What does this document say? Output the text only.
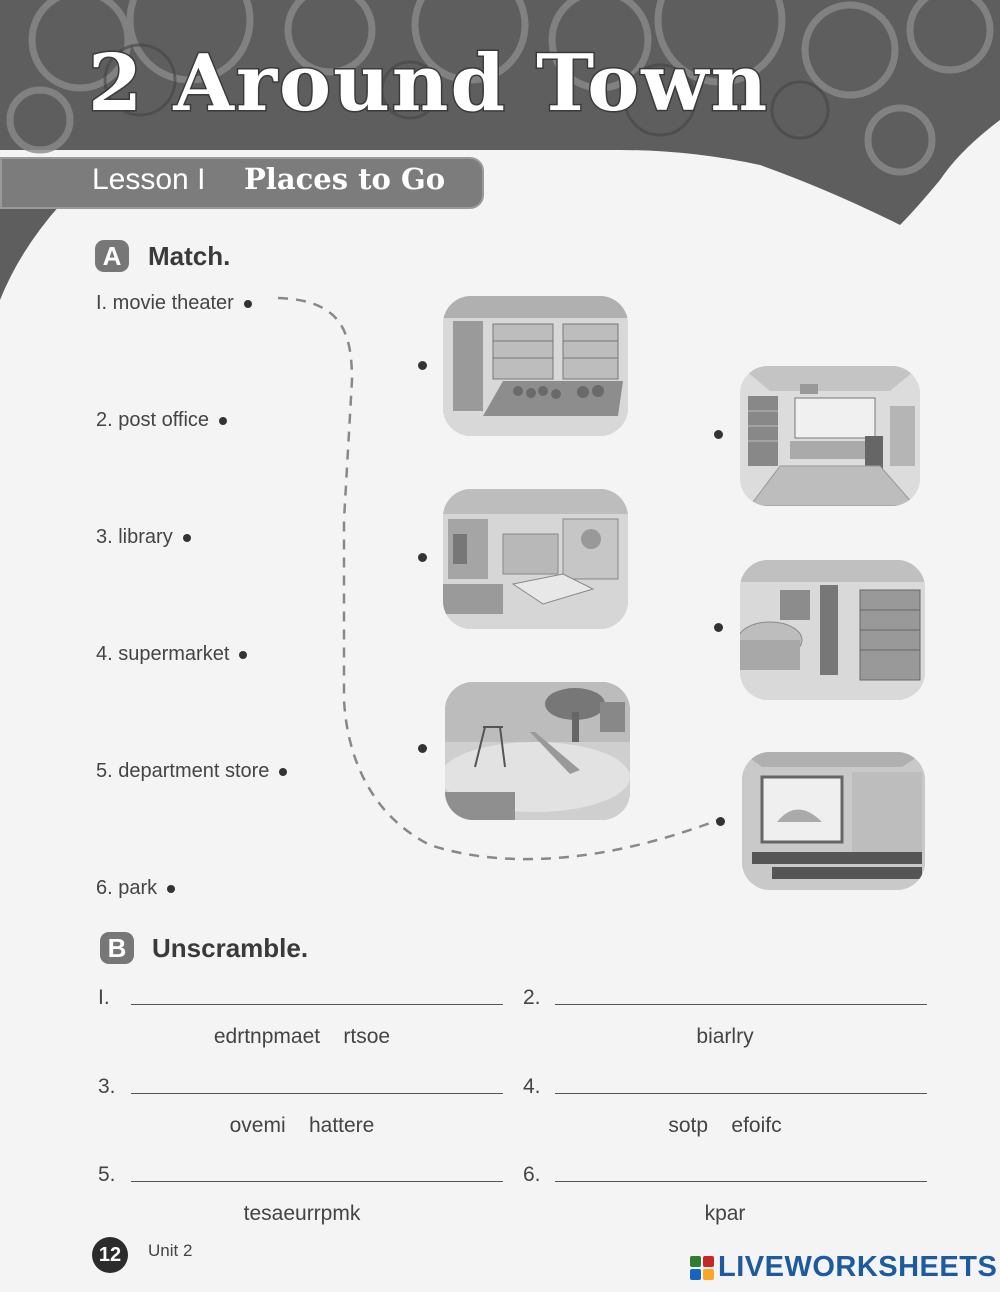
2 Around Town
Lesson I Places to Go
A Match.
I. movie theater
2. post office
3. library
4. supermarket
5. department store
6. park
B Unscramble.
I.
edrtnpmaet    rtsoe
2.
biarlry
3.
ovemi    hattere
4.
sotp    efoifc
5.
tesaeurrpmk
6.
kpar
12	Unit 2
LIVEWORKSHEETS
